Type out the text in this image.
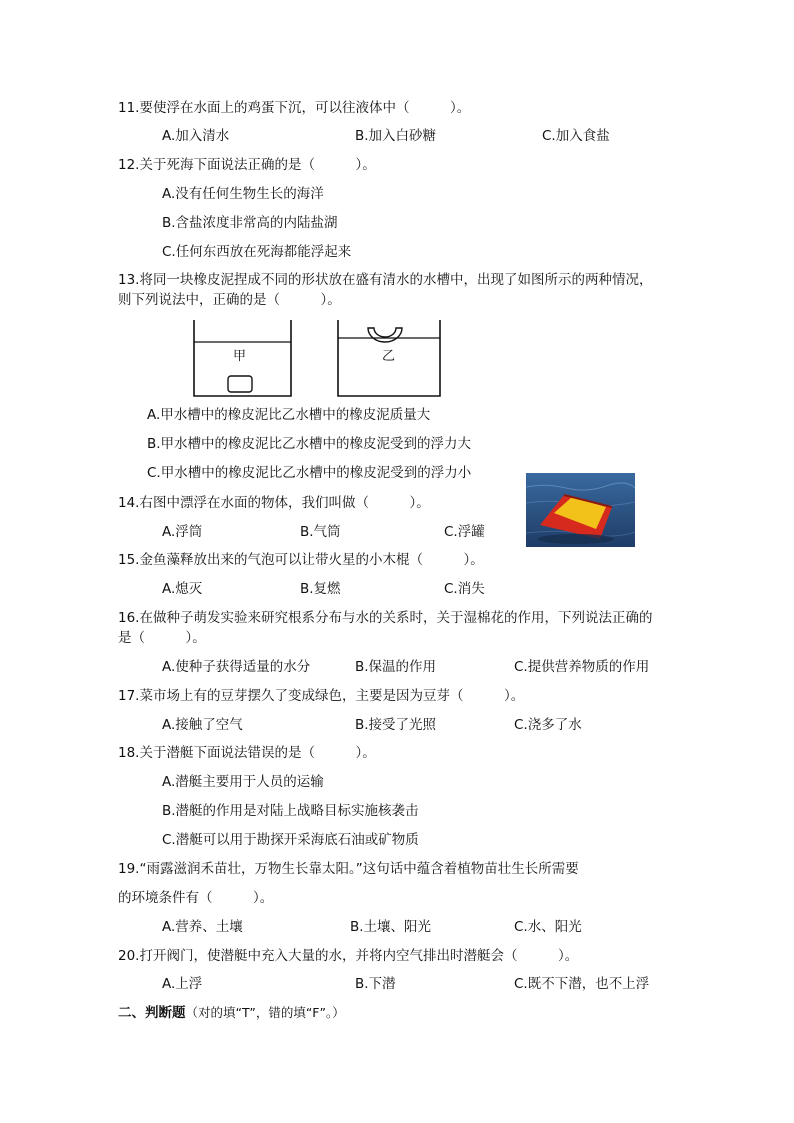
11.要使浮在水面上的鸡蛋下沉，可以往液体中（　　　）。
A.加入清水	B.加入白砂糖	C.加入食盐
12.关于死海下面说法正确的是（　　　）。
A.没有任何生物生长的海洋
B.含盐浓度非常高的内陆盐湖
C.任何东西放在死海都能浮起来
13.将同一块橡皮泥捏成不同的形状放在盛有清水的水槽中，出现了如图所示的两种情况，
则下列说法中，正确的是（　　　）。
甲	乙
A.甲水槽中的橡皮泥比乙水槽中的橡皮泥质量大
B.甲水槽中的橡皮泥比乙水槽中的橡皮泥受到的浮力大
C.甲水槽中的橡皮泥比乙水槽中的橡皮泥受到的浮力小
14.右图中漂浮在水面的物体，我们叫做（　　　）。
A.浮筒	B.气筒	C.浮罐
15.金鱼藻释放出来的气泡可以让带火星的小木棍（　　　）。
A.熄灭	B.复燃	C.消失
16.在做种子萌发实验来研究根系分布与水的关系时，关于湿棉花的作用，下列说法正确的
是（　　　）。
A.使种子获得适量的水分	B.保温的作用	C.提供营养物质的作用
17.菜市场上有的豆芽摆久了变成绿色，主要是因为豆芽（　　　）。
A.接触了空气	B.接受了光照	C.浇多了水
18.关于潜艇下面说法错误的是（　　　）。
A.潜艇主要用于人员的运输
B.潜艇的作用是对陆上战略目标实施核袭击
C.潜艇可以用于勘探开采海底石油或矿物质
19.“雨露滋润禾苗壮，万物生长靠太阳。”这句话中蕴含着植物苗壮生长所需要
的环境条件有（　　　）。
A.营养、土壤	B.土壤、阳光	C.水、阳光
20.打开阀门，使潜艇中充入大量的水，并将内空气排出时潜艇会（　　　）。
A.上浮	B.下潜	C.既不下潜，也不上浮
二、判断题（对的填“T”，错的填“F”。）
